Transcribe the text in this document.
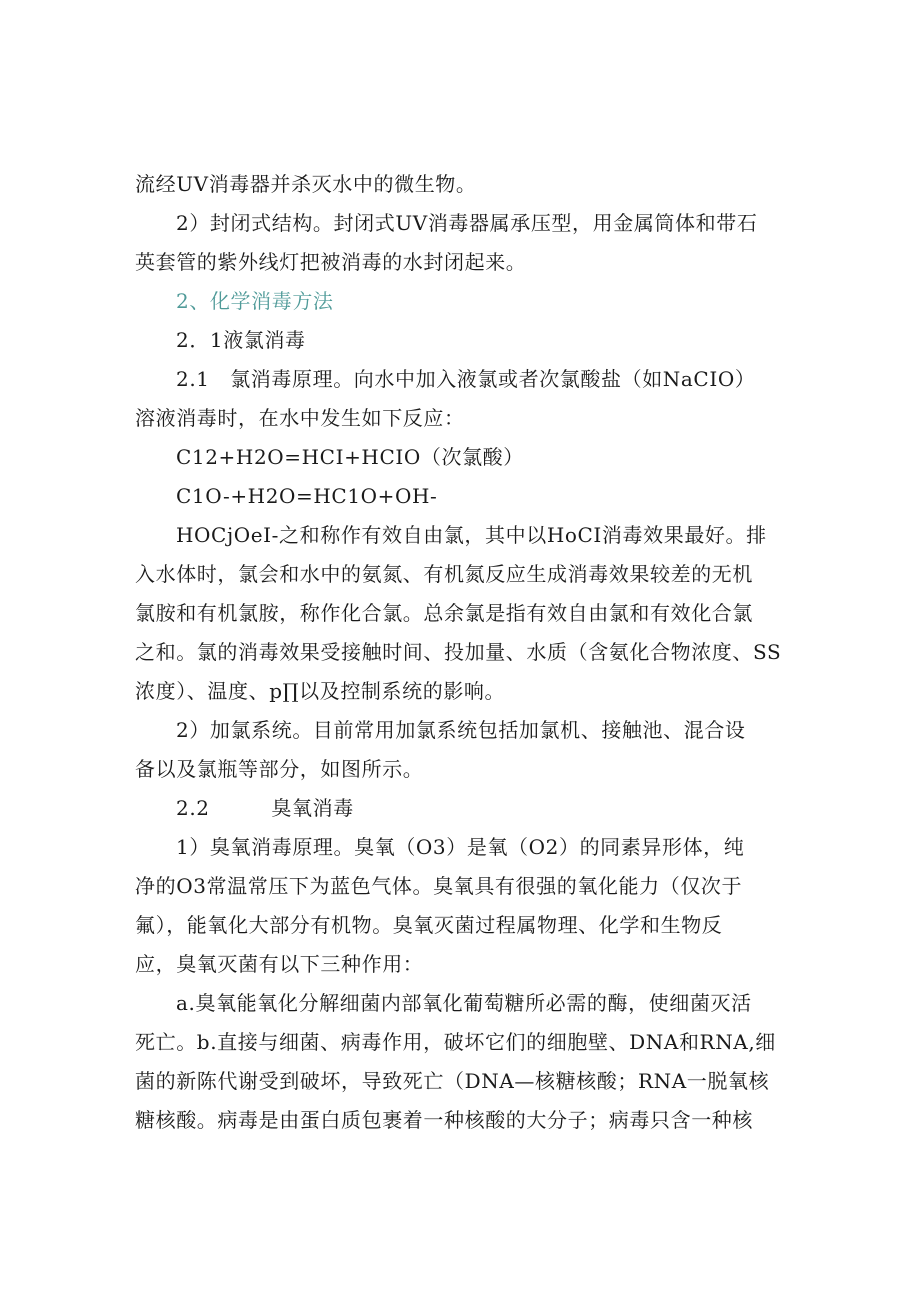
流经UV消毒器并杀灭水中的微生物。
2）封闭式结构。封闭式UV消毒器属承压型，用金属筒体和带石
英套管的紫外线灯把被消毒的水封闭起来。
2、化学消毒方法
2．1液氯消毒
2.1　氯消毒原理。向水中加入液氯或者次氯酸盐（如NaCIO）
溶液消毒时，在水中发生如下反应：
C12+H2O=HCI+HCIO（次氯酸）
C1O-+H2O=HC1O+OH-
HOCjOeI-之和称作有效自由氯，其中以HoCI消毒效果最好。排
入水体时，氯会和水中的氨氮、有机氮反应生成消毒效果较差的无机
氯胺和有机氯胺，称作化合氯。总余氯是指有效自由氯和有效化合氯
之和。氯的消毒效果受接触时间、投加量、水质（含氨化合物浓度、SS
浓度）、温度、p∏以及控制系统的影响。
2）加氯系统。目前常用加氯系统包括加氯机、接触池、混合设
备以及氯瓶等部分，如图所示。
2.2　　　臭氧消毒
1）臭氧消毒原理。臭氧（O3）是氧（O2）的同素异形体，纯
净的O3常温常压下为蓝色气体。臭氧具有很强的氧化能力（仅次于
氟），能氧化大部分有机物。臭氧灭菌过程属物理、化学和生物反
应，臭氧灭菌有以下三种作用：
a.臭氧能氧化分解细菌内部氧化葡萄糖所必需的酶，使细菌灭活
死亡。b.直接与细菌、病毒作用，破坏它们的细胞壁、DNA和RNA,细
菌的新陈代谢受到破坏，导致死亡（DNA—核糖核酸；RNA一脱氧核
糖核酸。病毒是由蛋白质包裹着一种核酸的大分子；病毒只含一种核
